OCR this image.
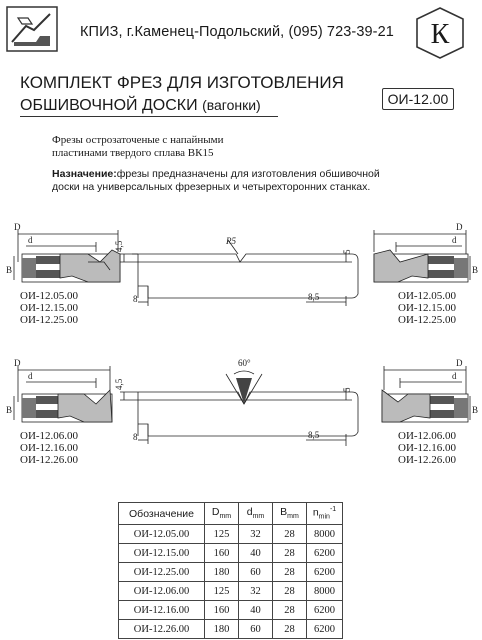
КПИЗ, г.Каменец-Подольский, (095) 723-39-21 К
КОМПЛЕКТ ФРЕЗ ДЛЯ ИЗГОТОВЛЕНИЯ
ОБШИВОЧНОЙ ДОСКИ (вагонки)	ОИ-12.00
Фрезы острозаточеные с напайными
пластинами твердого сплава ВК15
Назначение:фрезы предназначены для изготовления обшивочной доски на универсальных фрезерных и четырехторонних станках.
D
d
B
D
d
B
4,5
8
5
8,5
R5
D
d
B
D
d
B
4,5
8
5
8,5
60°
ОИ-12.05.00
ОИ-12.15.00
ОИ-12.25.00
ОИ-12.05.00
ОИ-12.15.00
ОИ-12.25.00
ОИ-12.06.00
ОИ-12.16.00
ОИ-12.26.00
ОИ-12.06.00
ОИ-12.16.00
ОИ-12.26.00
Обозначение	$D_{mm}$	$d_{mm}$	$B_{mm}$	$n_{min}^{-1}$
ОИ-12.05.00	125	32	28	8000
ОИ-12.15.00	160	40	28	6200
ОИ-12.25.00	180	60	28	6200
ОИ-12.06.00	125	32	28	8000
ОИ-12.16.00	160	40	28	6200
ОИ-12.26.00	180	60	28	6200
